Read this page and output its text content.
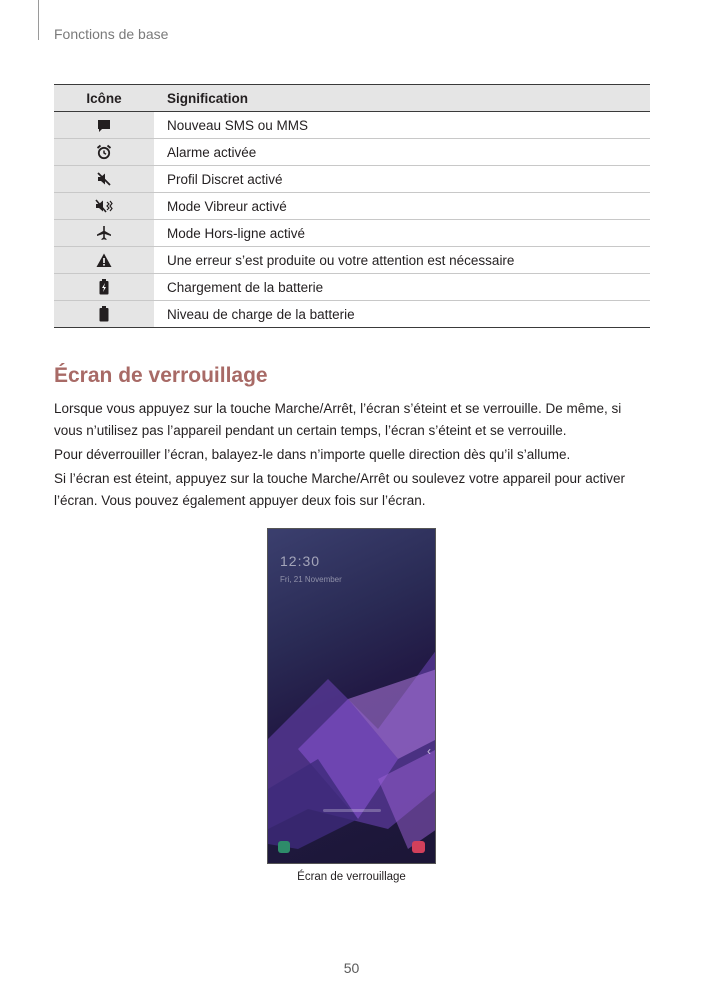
Fonctions de base
Icône	Signification
	Nouveau SMS ou MMS
	Alarme activée
	Profil Discret activé
	Mode Vibreur activé
	Mode Hors-ligne activé
	Une erreur s’est produite ou votre attention est nécessaire
	Chargement de la batterie
	Niveau de charge de la batterie
Écran de verrouillage

Lorsque vous appuyez sur la touche Marche/Arrêt, l’écran s’éteint et se verrouille. De même, si vous n’utilisez pas l’appareil pendant un certain temps, l’écran s’éteint et se verrouille.

Pour déverrouiller l’écran, balayez-le dans n’importe quelle direction dès qu’il s’allume.

Si l’écran est éteint, appuyez sur la touche Marche/Arrêt ou soulevez votre appareil pour activer l’écran. Vous pouvez également appuyer deux fois sur l’écran.

12:30
Fri, 21 November
‹
Écran de verrouillage
50
